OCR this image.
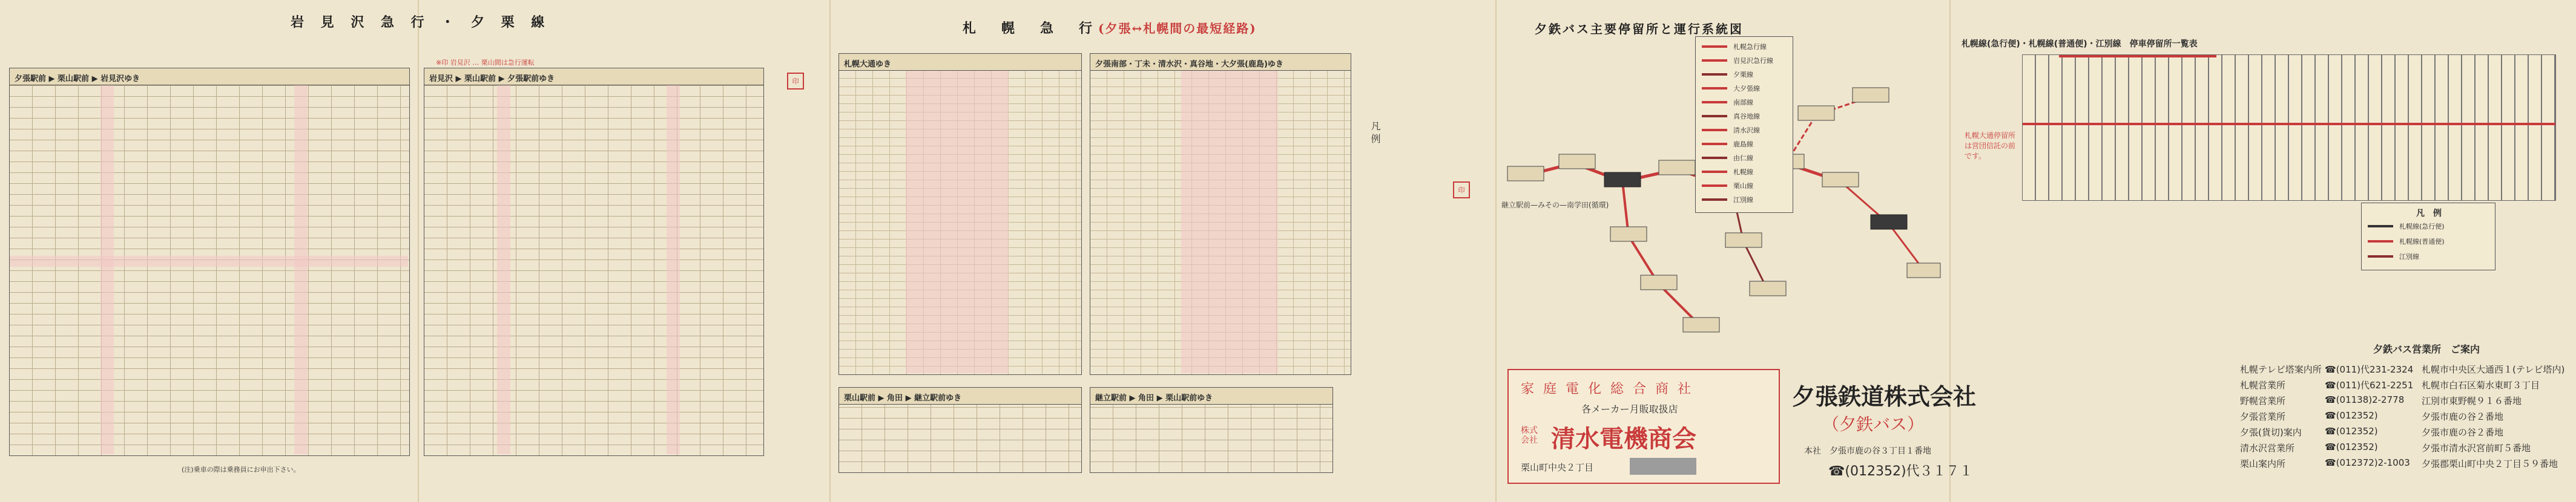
岩 見 沢 急 行 ・ 夕 栗 線
夕張駅前 ▶ 栗山駅前 ▶ 岩見沢ゆき
(注)乗車の際は乗務員にお申出下さい。
岩見沢 ▶ 栗山駅前 ▶ 夕張駅前ゆき
※印 岩見沢 … 栗山間は急行運転
印
札　幌　急　行(夕張↔札幌間の最短経路)
札幌大通ゆき	夕張南部・丁未・清水沢・真谷地・大夕張(鹿島)ゆき
凡 例
栗山駅前 ▶ 角田 ▶ 継立駅前ゆき	継立駅前 ▶ 角田 ▶ 栗山駅前ゆき
印
夕鉄バス主要停留所と運行系統図
継立駅前—みその—南学田(循環)
札幌急行線
岩見沢急行線
夕栗線
大夕張線
南部線
真谷地線
清水沢線
鹿島線
由仁線
札幌線
栗山線
江別線
家 庭 電 化 総 合 商 社
各メーカー月販取扱店
株式会社 清水電機商会
栗山町中央２丁目
夕張鉄道株式会社
（夕鉄バス）
本社　 夕張市鹿の谷３丁目１番地
☎(012352)代３１７１
札幌線(急行便)・札幌線(普通便)・江別線　停車停留所一覧表
札幌大通停留所は営団信託の前です。
凡　例
札幌線(急行便)
札幌線(普通便)
江別線
夕鉄バス営業所　ご案内
札幌テレビ塔案内所 ☎(011)代231-2324 札幌市中央区大通西１(テレビ塔内)
札幌営業所	☎(011)代621-2251 札幌市白石区菊水東町３丁目
野幌営業所	☎(01138)2-2778	江別市東野幌９１６番地
夕張営業所	☎(012352)	夕張市鹿の谷２番地
夕張(貨切)案内	☎(012352)	夕張市鹿の谷２番地
清水沢営業所	☎(012352)	夕張市清水沢宮前町５番地
栗山案内所	☎(012372)2-1003	夕張郡栗山町中央２丁目５９番地
